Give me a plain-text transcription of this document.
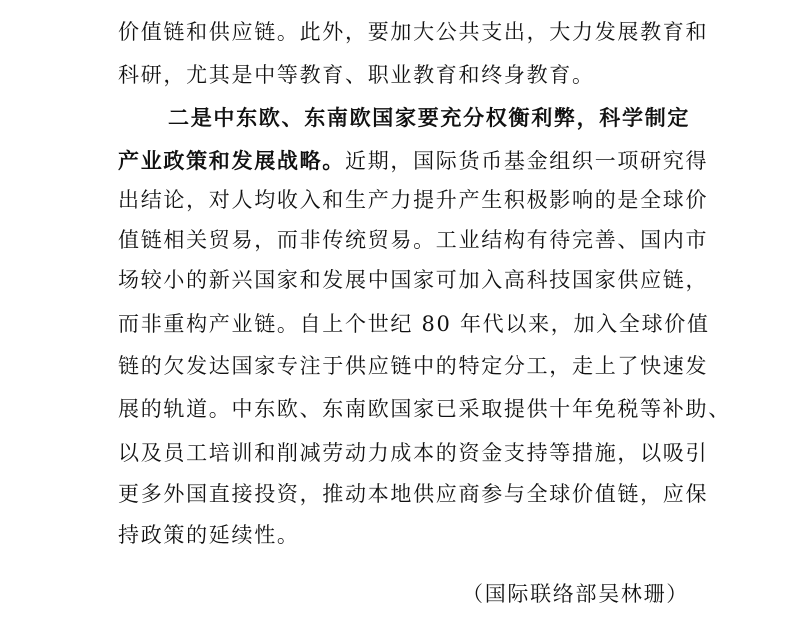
价值链和供应链。此外，要加大公共支出，大力发展教育和
科研，尤其是中等教育、职业教育和终身教育。
二是中东欧、东南欧国家要充分权衡利弊，科学制定
产业政策和发展战略。近期，国际货币基金组织一项研究得
出结论，对人均收入和生产力提升产生积极影响的是全球价
值链相关贸易，而非传统贸易。工业结构有待完善、国内市
场较小的新兴国家和发展中国家可加入高科技国家供应链，
而非重构产业链。自上个世纪 80 年代以来，加入全球价值
链的欠发达国家专注于供应链中的特定分工，走上了快速发
展的轨道。中东欧、东南欧国家已采取提供十年免税等补助、
以及员工培训和削减劳动力成本的资金支持等措施，以吸引
更多外国直接投资，推动本地供应商参与全球价值链，应保
持政策的延续性。
（国际联络部吴林珊）
